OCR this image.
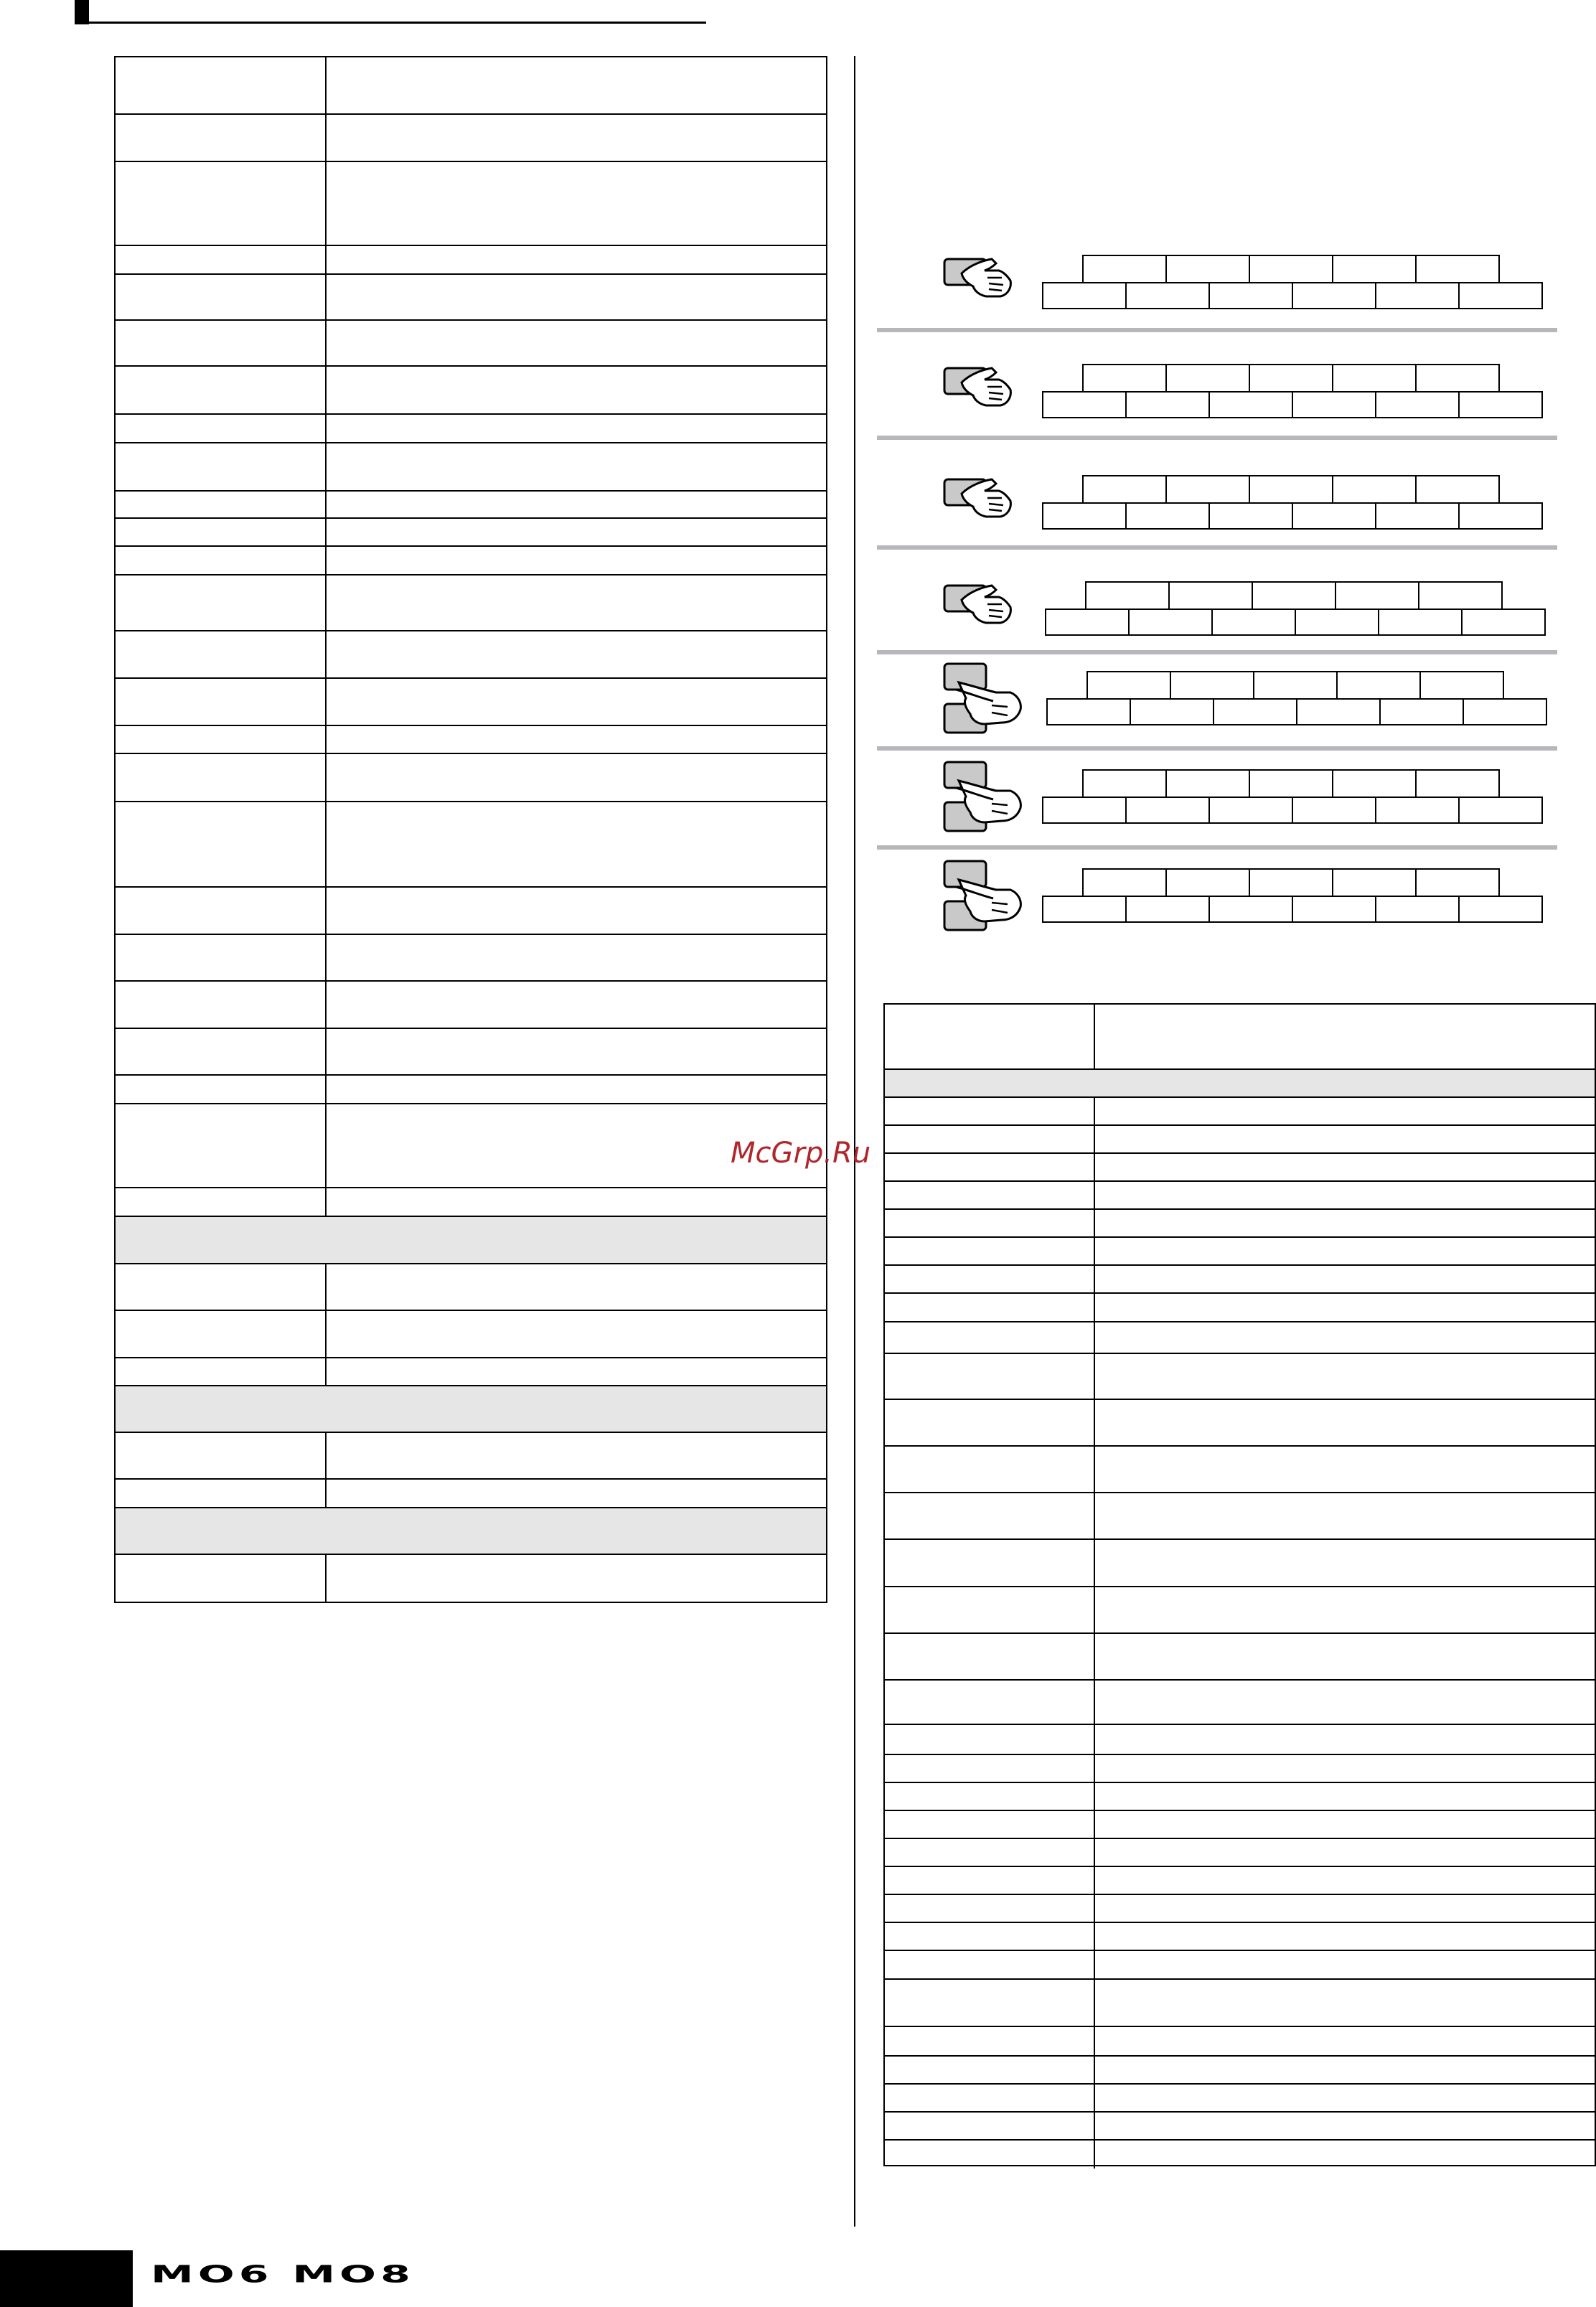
McGrp.Ru
MO6 MO8
